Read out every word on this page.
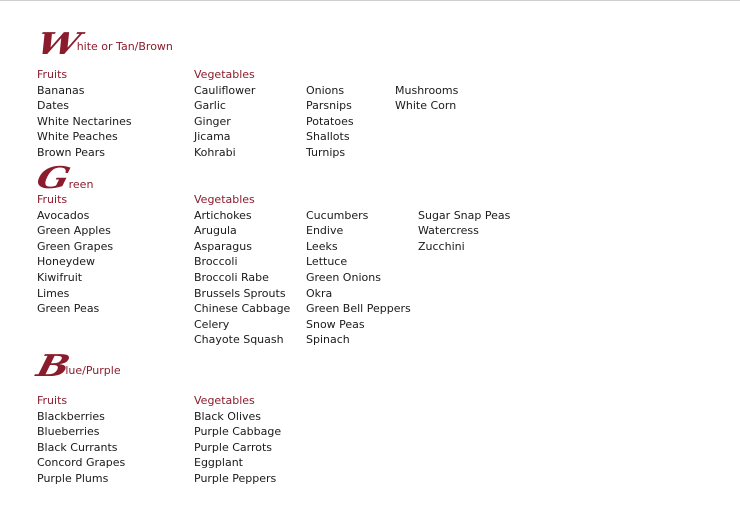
W
hite or Tan/Brown
Fruits
Bananas
Dates
White Nectarines
White Peaches
Brown Pears
Vegetables
Cauliflower
Garlic
Ginger
Jicama
Kohrabi
Onions
Parsnips
Potatoes
Shallots
Turnips
Mushrooms
White Corn
G
reen
Fruits
Avocados
Green Apples
Green Grapes
Honeydew
Kiwifruit
Limes
Green Peas
Vegetables
Artichokes
Arugula
Asparagus
Broccoli
Broccoli Rabe
Brussels Sprouts
Chinese Cabbage
Celery
Chayote Squash
Cucumbers
Endive
Leeks
Lettuce
Green Onions
Okra
Green Bell Peppers
Snow Peas
Spinach
Sugar Snap Peas
Watercress
Zucchini
B
lue/Purple
Fruits
Blackberries
Blueberries
Black Currants
Concord Grapes
Purple Plums
Vegetables
Black Olives
Purple Cabbage
Purple Carrots
Eggplant
Purple Peppers
